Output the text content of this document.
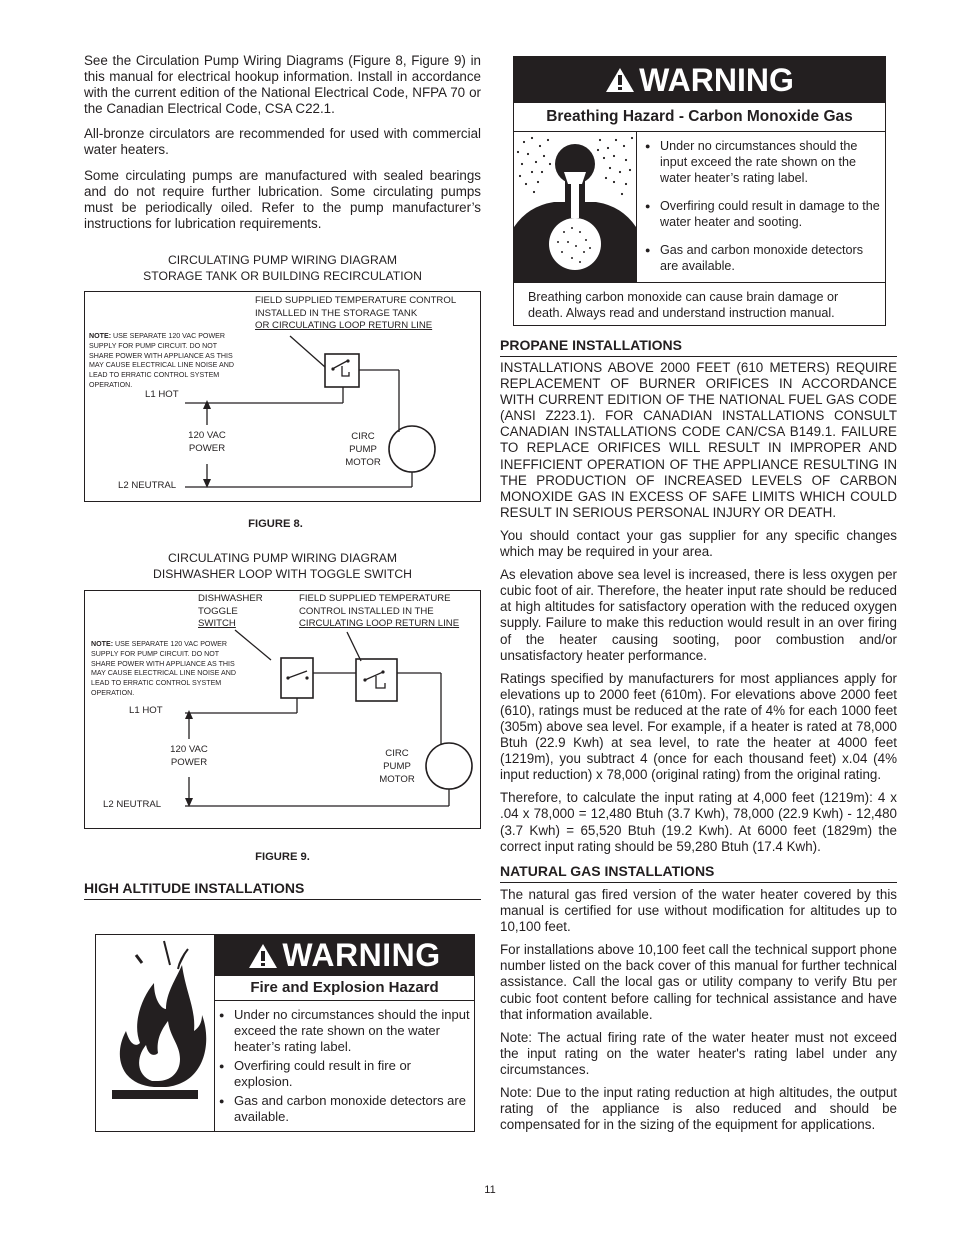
See the Circulation Pump Wiring Diagrams (Figure 8, Figure 9) in this manual for electrical hookup information. Install in accordance with the current edition of the National Electrical Code, NFPA 70 or the Canadian Electrical Code, CSA C22.1.

All-bronze circulators are recommended for used with commercial water heaters.

Some circulating pumps are manufactured with sealed bearings and do not require further lubrication. Some circulating pumps must be periodically oiled. Refer to the pump manufacturer’s instructions for lubrication requirements.

CIRCULATING PUMP WIRING DIAGRAM
STORAGE TANK OR BUILDING RECIRCULATION
FIELD SUPPLIED TEMPERATURE CONTROL
INSTALLED IN THE STORAGE TANK
OR CIRCULATING LOOP RETURN LINE
NOTE: USE SEPARATE 120 VAC POWER
SUPPLY FOR PUMP CIRCUIT. DO NOT
SHARE POWER WITH APPLIANCE AS THIS
MAY CAUSE ELECTRICAL LINE NOISE AND
LEAD TO ERRATIC CONTROL SYSTEM
OPERATION.
L1 HOT
120 VAC
POWER
CIRC
PUMP
MOTOR
L2 NEUTRAL
FIGURE 8.
CIRCULATING PUMP WIRING DIAGRAM
DISHWASHER LOOP WITH TOGGLE SWITCH
DISHWASHER
TOGGLE
SWITCH
FIELD SUPPLIED TEMPERATURE
CONTROL INSTALLED IN THE
CIRCULATING LOOP RETURN LINE
NOTE: USE SEPARATE 120 VAC POWER
SUPPLY FOR PUMP CIRCUIT. DO NOT
SHARE POWER WITH APPLIANCE AS THIS
MAY CAUSE ELECTRICAL LINE NOISE AND
LEAD TO ERRATIC CONTROL SYSTEM
OPERATION.
L1 HOT
120 VAC
POWER
CIRC
PUMP
MOTOR
L2 NEUTRAL
FIGURE 9.
HIGH ALTITUDE INSTALLATIONS
WARNING
Fire and Explosion Hazard
● Under no circumstances should the input exceed the rate shown on the water heater’s rating label.
● Overfiring could result in fire or explosion.
● Gas and carbon monoxide detectors are available.
WARNING
Breathing Hazard - Carbon Monoxide Gas
● Under no circumstances should the input exceed the rate shown on the water heater’s rating label.
● Overfiring could result in damage to the water heater and sooting.
● Gas and carbon monoxide detectors are available.
Breathing carbon monoxide can cause brain damage or death. Always read and understand instruction manual.
PROPANE INSTALLATIONS

INSTALLATIONS ABOVE 2000 FEET (610 METERS) REQUIRE REPLACEMENT OF BURNER ORIFICES IN ACCORDANCE WITH CURRENT EDITION OF THE NATIONAL FUEL GAS CODE (ANSI Z223.1). FOR CANADIAN INSTALLATIONS CONSULT CANADIAN INSTALLATIONS CODE CAN/CSA B149.1. FAILURE TO REPLACE ORIFICES WILL RESULT IN IMPROPER AND INEFFICIENT OPERATION OF THE APPLIANCE RESULTING IN THE PRODUCTION OF INCREASED LEVELS OF CARBON MONOXIDE GAS IN EXCESS OF SAFE LIMITS WHICH COULD RESULT IN SERIOUS PERSONAL INJURY OR DEATH.

You should contact your gas supplier for any specific changes which may be required in your area.

As elevation above sea level is increased, there is less oxygen per cubic foot of air. Therefore, the heater input rate should be reduced at high altitudes for satisfactory operation with the reduced oxygen supply. Failure to make this reduction would result in an over firing of the heater causing sooting, poor combustion and/or unsatisfactory heater performance.

Ratings specified by manufacturers for most appliances apply for elevations up to 2000 feet (610m). For elevations above 2000 feet (610), ratings must be reduced at the rate of 4% for each 1000 feet (305m) above sea level. For example, if a heater is rated at 78,000 Btuh (22.9 Kwh) at sea level, to rate the heater at 4000 feet (1219m), you subtract 4 (once for each thousand feet) x.04 (4% input reduction) x 78,000 (original rating) from the original rating.

Therefore, to calculate the input rating at 4,000 feet (1219m): 4 x .04 x 78,000 = 12,480 Btuh (3.7 Kwh), 78,000 (22.9 Kwh) - 12,480 (3.7 Kwh) = 65,520 Btuh (19.2 Kwh). At 6000 feet (1829m) the correct input rating should be 59,280 Btuh (17.4 Kwh).

NATURAL GAS INSTALLATIONS

The natural gas fired version of the water heater covered by this manual is certified for use without modification for altitudes up to 10,100 feet.

For installations above 10,100 feet call the technical support phone number listed on the back cover of this manual for further technical assistance. Call the local gas or utility company to verify Btu per cubic foot content before calling for technical assistance and have that information available.

Note: The actual firing rate of the water heater must not exceed the input rating on the water heater's rating label under any circumstances.

Note: Due to the input rating reduction at high altitudes, the output rating of the appliance is also reduced and should be compensated for in the sizing of the equipment for applications.

11
